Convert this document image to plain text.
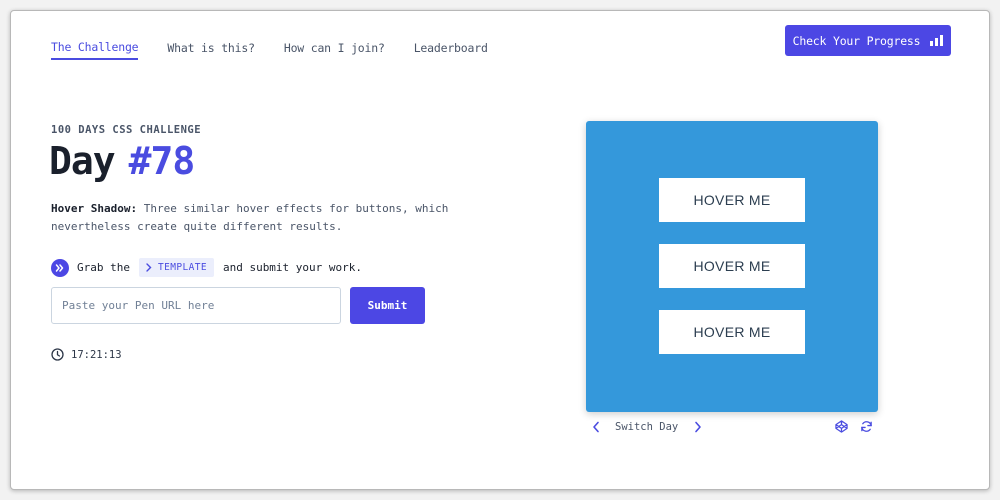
The Challenge	What is this?	How can I join?	Leaderboard
Check Your Progress
100 DAYS CSS CHALLENGE
Day #78

Hover Shadow: Three similar hover effects for buttons, which nevertheless create quite different results.

Grab the	TEMPLATE and submit your work.
Paste your Pen URL here
Submit
17:21:13
HOVER ME
HOVER ME
HOVER ME
Switch Day
